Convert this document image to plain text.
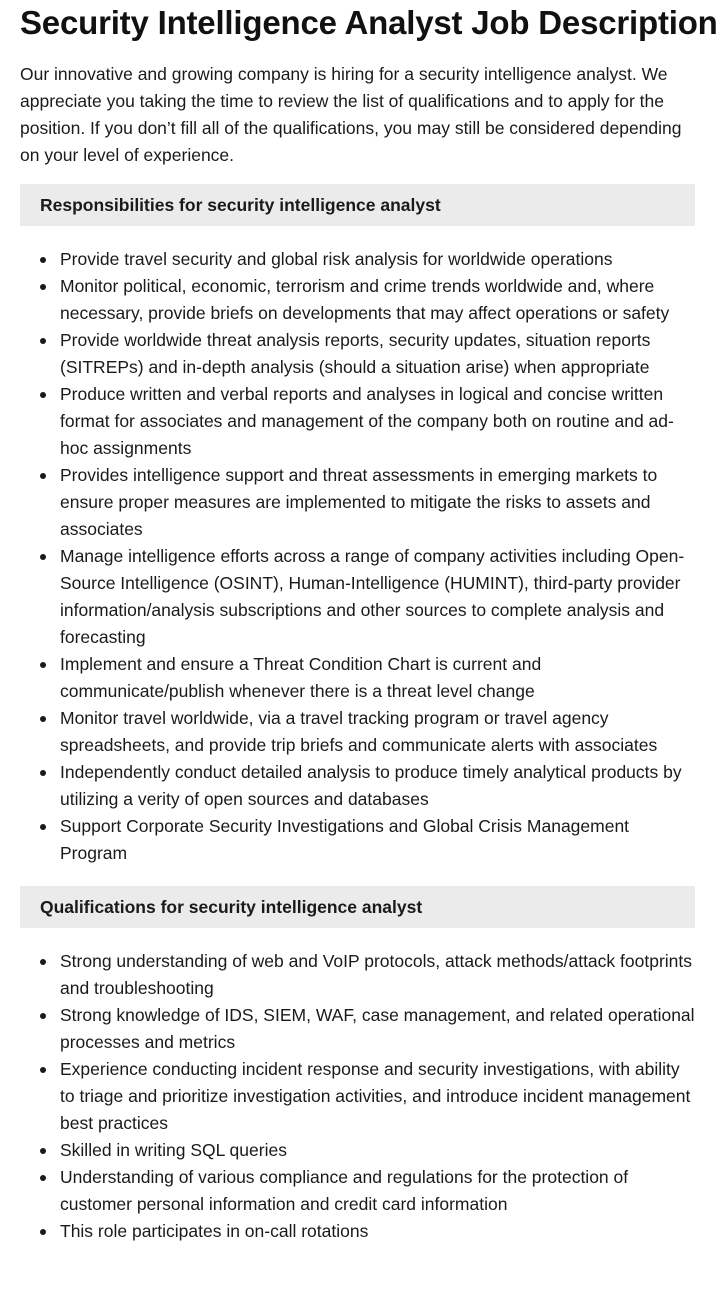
Security Intelligence Analyst Job Description

Our innovative and growing company is hiring for a security intelligence analyst. We appreciate you taking the time to review the list of qualifications and to apply for the position. If you don’t fill all of the qualifications, you may still be considered depending on your level of experience.

Responsibilities for security intelligence analyst
Provide travel security and global risk analysis for worldwide operations
Monitor political, economic, terrorism and crime trends worldwide and, where necessary, provide briefs on developments that may affect operations or safety
Provide worldwide threat analysis reports, security updates, situation reports (SITREPs) and in-depth analysis (should a situation arise) when appropriate
Produce written and verbal reports and analyses in logical and concise written format for associates and management of the company both on routine and ad-hoc assignments
Provides intelligence support and threat assessments in emerging markets to ensure proper measures are implemented to mitigate the risks to assets and associates
Manage intelligence efforts across a range of company activities including Open-Source Intelligence (OSINT), Human-Intelligence (HUMINT), third-party provider information/analysis subscriptions and other sources to complete analysis and forecasting
Implement and ensure a Threat Condition Chart is current and communicate/publish whenever there is a threat level change
Monitor travel worldwide, via a travel tracking program or travel agency spreadsheets, and provide trip briefs and communicate alerts with associates
Independently conduct detailed analysis to produce timely analytical products by utilizing a verity of open sources and databases
Support Corporate Security Investigations and Global Crisis Management Program
Qualifications for security intelligence analyst
Strong understanding of web and VoIP protocols, attack methods/attack footprints and troubleshooting
Strong knowledge of IDS, SIEM, WAF, case management, and related operational processes and metrics
Experience conducting incident response and security investigations, with ability to triage and prioritize investigation activities, and introduce incident management best practices
Skilled in writing SQL queries
Understanding of various compliance and regulations for the protection of customer personal information and credit card information
This role participates in on-call rotations
